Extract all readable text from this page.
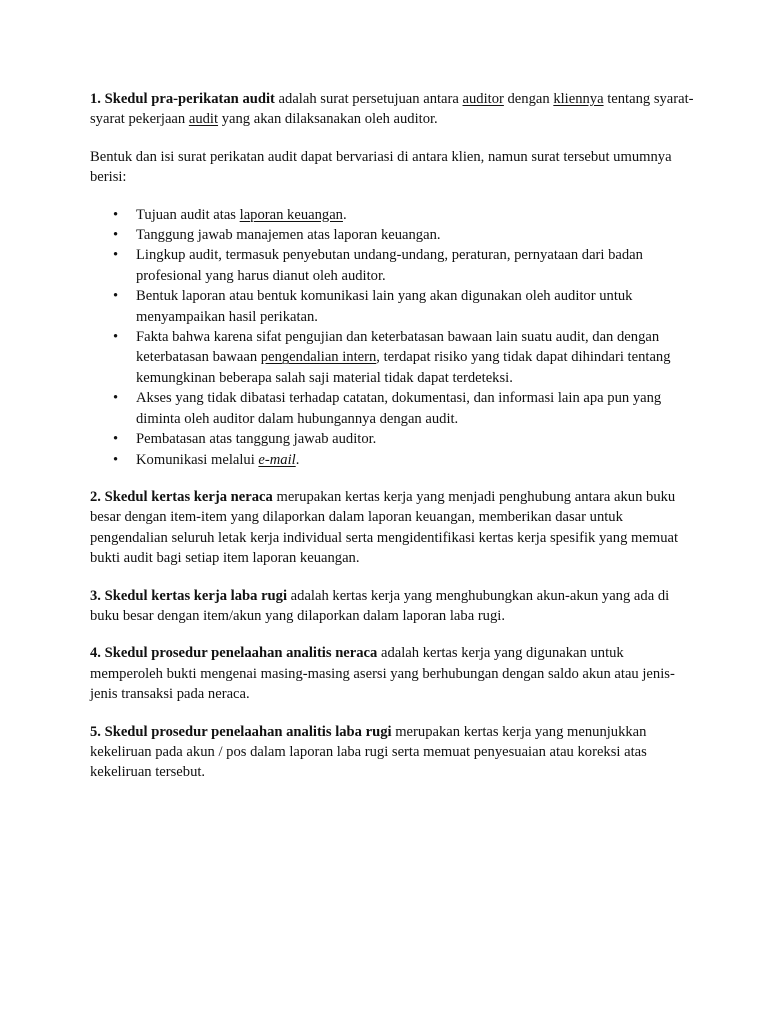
1. Skedul pra-perikatan audit adalah surat persetujuan antara auditor dengan kliennya tentang syarat-syarat pekerjaan audit yang akan dilaksanakan oleh auditor.

Bentuk dan isi surat perikatan audit dapat bervariasi di antara klien, namun surat tersebut umumnya berisi:

• Tujuan audit atas laporan keuangan.
• Tanggung jawab manajemen atas laporan keuangan.
• Lingkup audit, termasuk penyebutan undang-undang, peraturan, pernyataan dari badan profesional yang harus dianut oleh auditor.
• Bentuk laporan atau bentuk komunikasi lain yang akan digunakan oleh auditor untuk menyampaikan hasil perikatan.
• Fakta bahwa karena sifat pengujian dan keterbatasan bawaan lain suatu audit, dan dengan keterbatasan bawaan pengendalian intern, terdapat risiko yang tidak dapat dihindari tentang kemungkinan beberapa salah saji material tidak dapat terdeteksi.
• Akses yang tidak dibatasi terhadap catatan, dokumentasi, dan informasi lain apa pun yang diminta oleh auditor dalam hubungannya dengan audit.
• Pembatasan atas tanggung jawab auditor.
• Komunikasi melalui e-mail.

2. Skedul kertas kerja neraca merupakan kertas kerja yang menjadi penghubung antara akun buku besar dengan item-item yang dilaporkan dalam laporan keuangan, memberikan dasar untuk pengendalian seluruh letak kerja individual serta mengidentifikasi kertas kerja spesifik yang memuat bukti audit bagi setiap item laporan keuangan.

3. Skedul kertas kerja laba rugi adalah kertas kerja yang menghubungkan akun-akun yang ada di buku besar dengan item/akun yang dilaporkan dalam laporan laba rugi.

4. Skedul prosedur penelaahan analitis neraca adalah kertas kerja yang digunakan untuk memperoleh bukti mengenai masing-masing asersi yang berhubungan dengan saldo akun atau jenis-jenis transaksi pada neraca.

5. Skedul prosedur penelaahan analitis laba rugi merupakan kertas kerja yang menunjukkan kekeliruan pada akun / pos dalam laporan laba rugi serta memuat penyesuaian atau koreksi atas kekeliruan tersebut.
